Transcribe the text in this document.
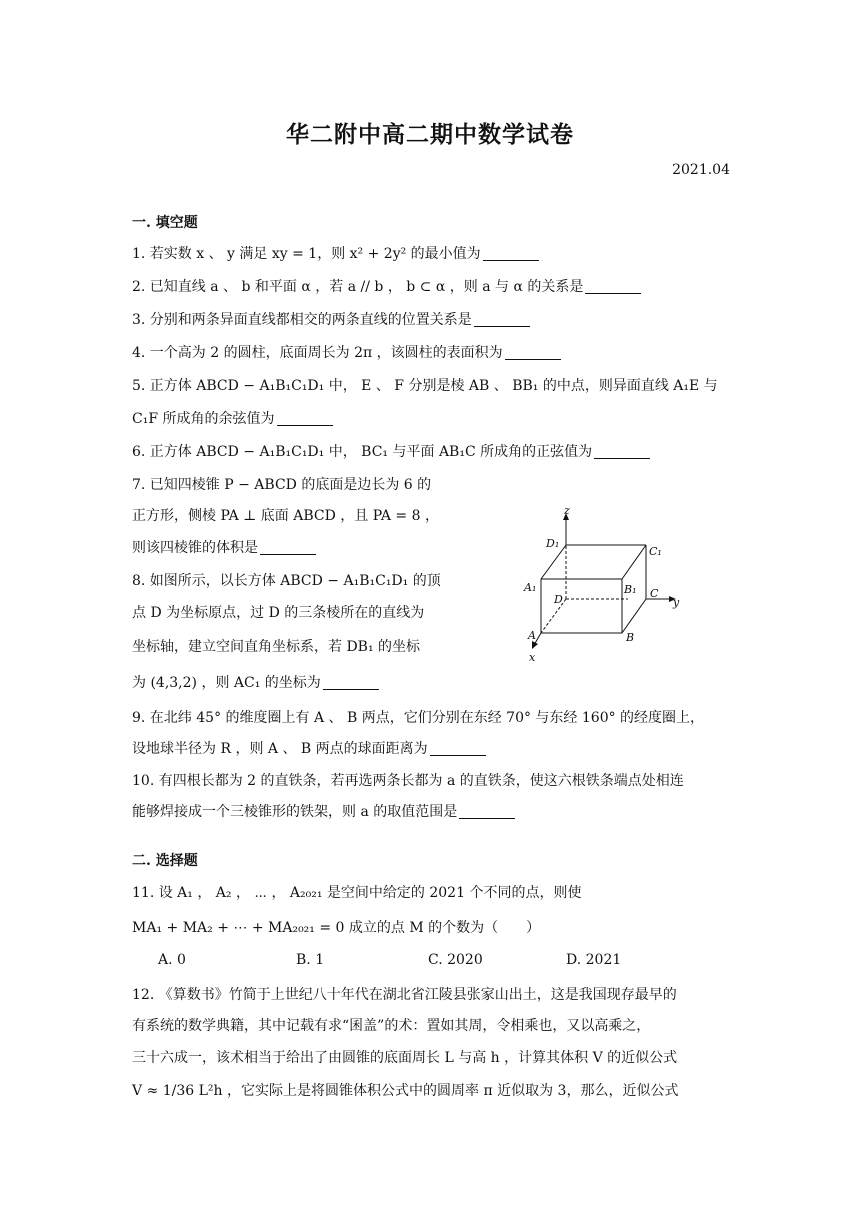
华二附中高二期中数学试卷
2021.04
一. 填空题
1. 若实数 x 、 y 满足 xy = 1，则 x² + 2y² 的最小值为
2. 已知直线 a 、 b 和平面 α ，若 a // b ， b ⊂ α ，则 a 与 α 的关系是
3. 分别和两条异面直线都相交的两条直线的位置关系是
4. 一个高为 2 的圆柱，底面周长为 2π ，该圆柱的表面积为
5. 正方体 ABCD − A₁B₁C₁D₁ 中， E 、 F 分别是棱 AB 、 BB₁ 的中点，则异面直线 A₁E 与
C₁F 所成角的余弦值为
6. 正方体 ABCD − A₁B₁C₁D₁ 中， BC₁ 与平面 AB₁C 所成角的正弦值为
7. 已知四棱锥 P − ABCD 的底面是边长为 6 的
正方形，侧棱 PA ⊥ 底面 ABCD ，且 PA = 8 ，
则该四棱锥的体积是
8. 如图所示，以长方体 ABCD − A₁B₁C₁D₁ 的顶
点 D 为坐标原点，过 D 的三条棱所在的直线为
坐标轴，建立空间直角坐标系，若 DB₁ 的坐标
为 (4,3,2) ，则 AC₁ 的坐标为
9. 在北纬 45° 的维度圈上有 A 、 B 两点，它们分别在东经 70° 与东经 160° 的经度圈上，
设地球半径为 R ，则 A 、 B 两点的球面距离为
10. 有四根长都为 2 的直铁条，若再选两条长都为 a 的直铁条，使这六根铁条端点处相连
能够焊接成一个三棱锥形的铁架，则 a 的取值范围是
z
D₁
C₁
A₁	B₁
D	C
y
A	B
x
二. 选择题
11. 设 A₁ ， A₂ ， ⋯ ， A₂₀₂₁ 是空间中给定的 2021 个不同的点，则使
MA₁ + MA₂ + ⋯ + MA₂₀₂₁ = 0 成立的点 M 的个数为（　　）
A. 0	B. 1	C. 2020	D. 2021
12. 《算数书》竹简于上世纪八十年代在湖北省江陵县张家山出土，这是我国现存最早的
有系统的数学典籍，其中记载有求“囷盖”的术：置如其周，令相乘也，又以高乘之，
三十六成一，该术相当于给出了由圆锥的底面周长 L 与高 h ，计算其体积 V 的近似公式
V ≈ 1/36 L²h ，它实际上是将圆锥体积公式中的圆周率 π 近似取为 3，那么，近似公式
